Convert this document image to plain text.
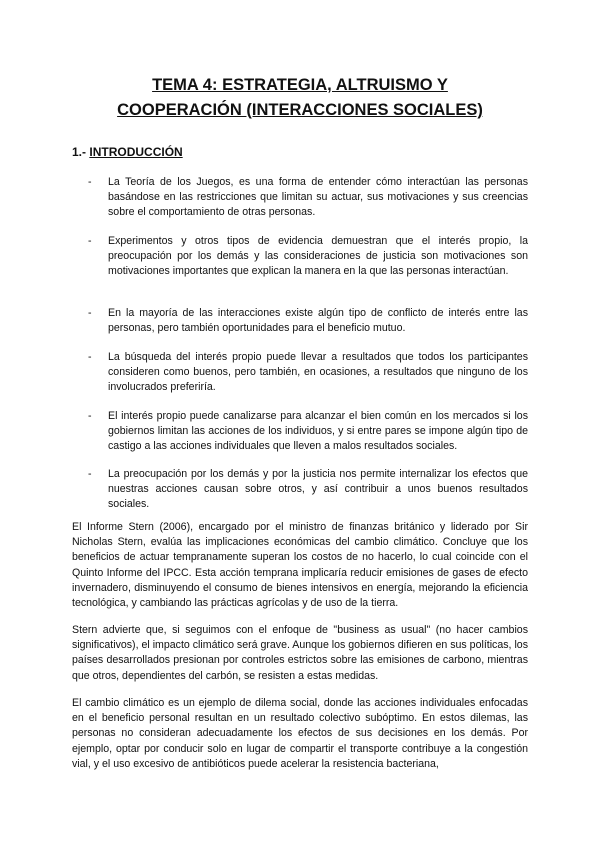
TEMA 4: ESTRATEGIA, ALTRUISMO Y
COOPERACIÓN (INTERACCIONES SOCIALES)
1.- INTRODUCCIÓN

- La Teoría de los Juegos, es una forma de entender cómo interactúan las personas basándose en las restricciones que limitan su actuar, sus motivaciones y sus creencias sobre el comportamiento de otras personas.

- Experimentos y otros tipos de evidencia demuestran que el interés propio, la preocupación por los demás y las consideraciones de justicia son motivaciones son motivaciones importantes que explican la manera en la que las personas interactúan.

- En la mayoría de las interacciones existe algún tipo de conflicto de interés entre las personas, pero también oportunidades para el beneficio mutuo.

- La búsqueda del interés propio puede llevar a resultados que todos los participantes consideren como buenos, pero también, en ocasiones, a resultados que ninguno de los involucrados preferiría.

- El interés propio puede canalizarse para alcanzar el bien común en los mercados si los gobiernos limitan las acciones de los individuos, y si entre pares se impone algún tipo de castigo a las acciones individuales que lleven a malos resultados sociales.

- La preocupación por los demás y por la justicia nos permite internalizar los efectos que nuestras acciones causan sobre otros, y así contribuir a unos buenos resultados sociales.

El Informe Stern (2006), encargado por el ministro de finanzas británico y liderado por Sir Nicholas Stern, evalúa las implicaciones económicas del cambio climático. Concluye que los beneficios de actuar tempranamente superan los costos de no hacerlo, lo cual coincide con el Quinto Informe del IPCC. Esta acción temprana implicaría reducir emisiones de gases de efecto invernadero, disminuyendo el consumo de bienes intensivos en energía, mejorando la eficiencia tecnológica, y cambiando las prácticas agrícolas y de uso de la tierra.

Stern advierte que, si seguimos con el enfoque de "business as usual" (no hacer cambios significativos), el impacto climático será grave. Aunque los gobiernos difieren en sus políticas, los países desarrollados presionan por controles estrictos sobre las emisiones de carbono, mientras que otros, dependientes del carbón, se resisten a estas medidas.

El cambio climático es un ejemplo de dilema social, donde las acciones individuales enfocadas en el beneficio personal resultan en un resultado colectivo subóptimo. En estos dilemas, las personas no consideran adecuadamente los efectos de sus decisiones en los demás. Por ejemplo, optar por conducir solo en lugar de compartir el transporte contribuye a la congestión vial, y el uso excesivo de antibióticos puede acelerar la resistencia bacteriana,
